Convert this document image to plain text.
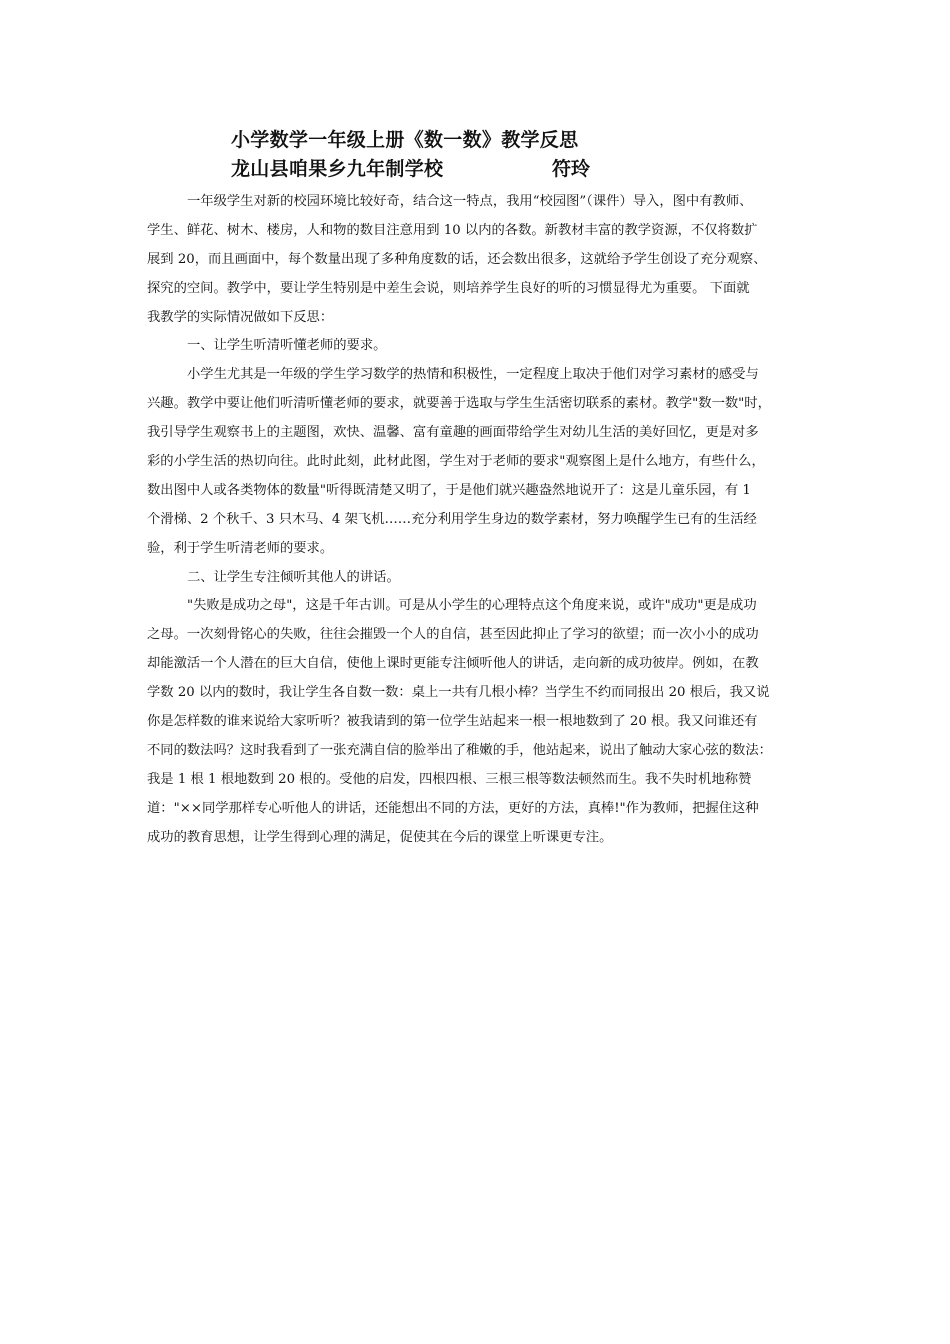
小学数学一年级上册《数一数》教学反思
龙山县咱果乡九年制学校	符玲
一年级学生对新的校园环境比较好奇，结合这一特点，我用“校园图”（课件）导入，图中有教师、
学生、鲜花、树木、楼房，人和物的数目注意用到 10 以内的各数。新教材丰富的教学资源，不仅将数扩
展到 20，而且画面中，每个数量出现了多种角度数的话，还会数出很多，这就给予学生创设了充分观察、
探究的空间。教学中，要让学生特别是中差生会说，则培养学生良好的听的习惯显得尤为重要。 下面就
我教学的实际情况做如下反思：
一、让学生听清听懂老师的要求。
小学生尤其是一年级的学生学习数学的热情和积极性，一定程度上取决于他们对学习素材的感受与
兴趣。教学中要让他们听清听懂老师的要求，就要善于选取与学生生活密切联系的素材。教学"数一数"时，
我引导学生观察书上的主题图，欢快、温馨、富有童趣的画面带给学生对幼儿生活的美好回忆，更是对多
彩的小学生活的热切向往。此时此刻，此材此图，学生对于老师的要求"观察图上是什么地方，有些什么，
数出图中人或各类物体的数量"听得既清楚又明了，于是他们就兴趣盎然地说开了：这是儿童乐园，有 1
个滑梯、2 个秋千、3 只木马、4 架飞机……充分利用学生身边的数学素材，努力唤醒学生已有的生活经
验，利于学生听清老师的要求。
二、让学生专注倾听其他人的讲话。
"失败是成功之母"，这是千年古训。可是从小学生的心理特点这个角度来说，或许"成功"更是成功
之母。一次刻骨铭心的失败，往往会摧毁一个人的自信，甚至因此抑止了学习的欲望；而一次小小的成功
却能激活一个人潜在的巨大自信，使他上课时更能专注倾听他人的讲话，走向新的成功彼岸。例如，在教
学数 20 以内的数时，我让学生各自数一数：桌上一共有几根小棒？当学生不约而同报出 20 根后，我又说
你是怎样数的谁来说给大家听听？被我请到的第一位学生站起来一根一根地数到了 20 根。我又问谁还有
不同的数法吗？这时我看到了一张充满自信的脸举出了稚嫩的手，他站起来，说出了触动大家心弦的数法：
我是 1 根 1 根地数到 20 根的。受他的启发，四根四根、三根三根等数法顿然而生。我不失时机地称赞
道："××同学那样专心听他人的讲话，还能想出不同的方法，更好的方法，真棒!"作为教师，把握住这种
成功的教育思想，让学生得到心理的满足，促使其在今后的课堂上听课更专注。
